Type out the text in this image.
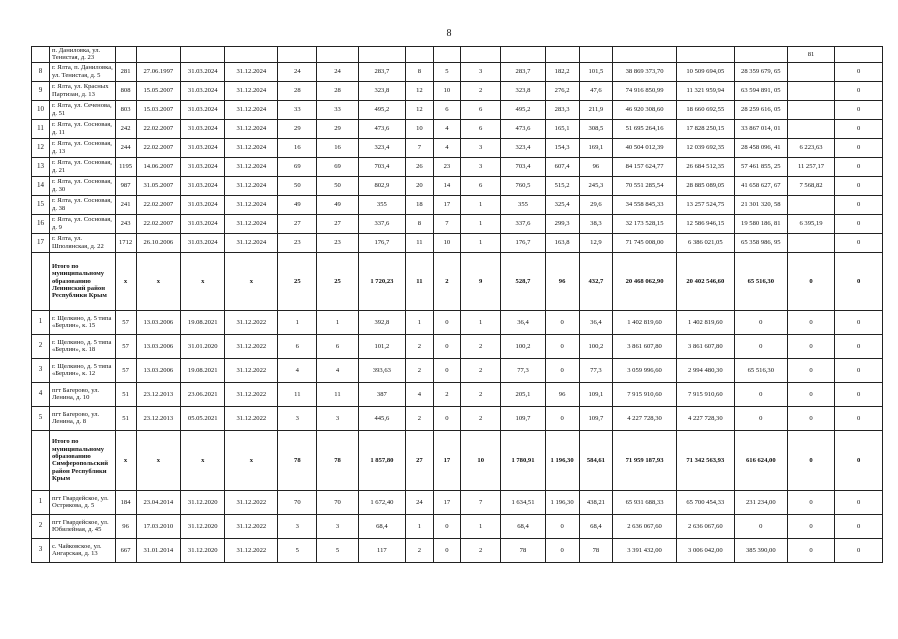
8
	п. Даниловка, ул. Тенистая, д. 23																	81	
8	г. Ялта, п. Даниловка, ул. Тенистая, д. 5	281	27.06.1997	31.03.2024	31.12.2024	24	24	283,7	8	5	3	283,7	182,2	101,5	38 869 373,70	10 509 694,05	28 359 679, 65		0
9	г. Ялта, ул. Красных Партизан, д. 13	808	15.05.2007	31.03.2024	31.12.2024	28	28	323,8	12	10	2	323,8	276,2	47,6	74 916 850,99	11 321 959,94	63 594 891, 05		0
10	г. Ялта, ул. Сеченова, д. 51	803	15.03.2007	31.03.2024	31.12.2024	33	33	495,2	12	6	6	495,2	283,3	211,9	46 920 308,60	18 660 692,55	28 259 616, 05		0
11	г. Ялта, ул. Сосновая, д. 11	242	22.02.2007	31.03.2024	31.12.2024	29	29	473,6	10	4	6	473,6	165,1	308,5	51 695 264,16	17 828 250,15	33 867 014, 01		0
12	г. Ялта, ул. Сосновая, д. 13	244	22.02.2007	31.03.2024	31.12.2024	16	16	323,4	7	4	3	323,4	154,3	169,1	40 504 012,39	12 039 692,35	28 458 096, 41	6 223,63	0
13	г. Ялта, ул. Сосновая, д. 21	1195	14.06.2007	31.03.2024	31.12.2024	69	69	703,4	26	23	3	703,4	607,4	96	84 157 624,77	26 684 512,35	57 461 855, 25	11 257,17	0
14	г. Ялта, ул. Сосновая, д. 30	987	31.05.2007	31.03.2024	31.12.2024	50	50	802,9	20	14	6	760,5	515,2	245,3	70 551 285,54	28 885 089,05	41 658 627, 67	7 568,82	0
15	г. Ялта, ул. Сосновая, д. 38	241	22.02.2007	31.03.2024	31.12.2024	49	49	355	18	17	1	355	325,4	29,6	34 558 845,33	13 257 524,75	21 301 320, 58		0
16	г. Ялта, ул. Сосновая, д. 9	243	22.02.2007	31.03.2024	31.12.2024	27	27	337,6	8	7	1	337,6	299,3	38,3	32 173 528,15	12 586 946,15	19 580 186, 81	6 395,19	0
17	г. Ялта, ул. Шполянская, д. 22	1712	26.10.2006	31.03.2024	31.12.2024	23	23	176,7	11	10	1	176,7	163,8	12,9	71 745 008,00	6 386 021,05	65 358 986, 95		0
	Итого по муниципальному образованию Ленинский район Республики Крым	х	х	х	х	25	25	1 720,23	11	2	9	528,7	96	432,7	20 468 062,90	20 402 546,60	65 516,30	0	0
1	г. Щелкино, д. 5 типа «Берлин», к. 15	57	13.03.2006	19.08.2021	31.12.2022	1	1	392,8	1	0	1	36,4	0	36,4	1 402 819,60	1 402 819,60	0	0	0
2	г. Щелкино, д. 5 типа «Берлин», к. 18	57	13.03.2006	31.01.2020	31.12.2022	6	6	101,2	2	0	2	100,2	0	100,2	3 861 607,80	3 861 607,80	0	0	0
3	г. Щелкино, д. 5 типа «Берлин», к. 12	57	13.03.2006	19.08.2021	31.12.2022	4	4	393,63	2	0	2	77,3	0	77,3	3 059 996,60	2 994 480,30	65 516,30	0	0
4	пгт Багерово, ул. Ленина, д. 10	51	23.12.2013	23.06.2021	31.12.2022	11	11	387	4	2	2	205,1	96	109,1	7 915 910,60	7 915 910,60	0	0	0
5	пгт Багерово, ул. Ленина, д. 8	51	23.12.2013	05.05.2021	31.12.2022	3	3	445,6	2	0	2	109,7	0	109,7	4 227 728,30	4 227 728,30	0	0	0
	Итого по муниципальному образованию Симферопольский район Республики Крым	х	х	х	х	78	78	1 857,80	27	17	10	1 780,91	1 196,30	584,61	71 959 187,93	71 342 563,93	616 624,00	0	0
1	пгт Гвардейское, ул. Острякова, д. 5	184	23.04.2014	31.12.2020	31.12.2022	70	70	1 672,40	24	17	7	1 634,51	1 196,30	438,21	65 931 688,33	65 700 454,33	231 234,00	0	0
2	пгт Гвардейское, ул. Юбилейная, д. 45	96	17.03.2010	31.12.2020	31.12.2022	3	3	68,4	1	0	1	68,4	0	68,4	2 636 067,60	2 636 067,60	0	0	0
3	с. Чайковское, ул. Ангарская, д. 13	667	31.01.2014	31.12.2020	31.12.2022	5	5	117	2	0	2	78	0	78	3 391 432,00	3 006 042,00	385 390,00	0	0
